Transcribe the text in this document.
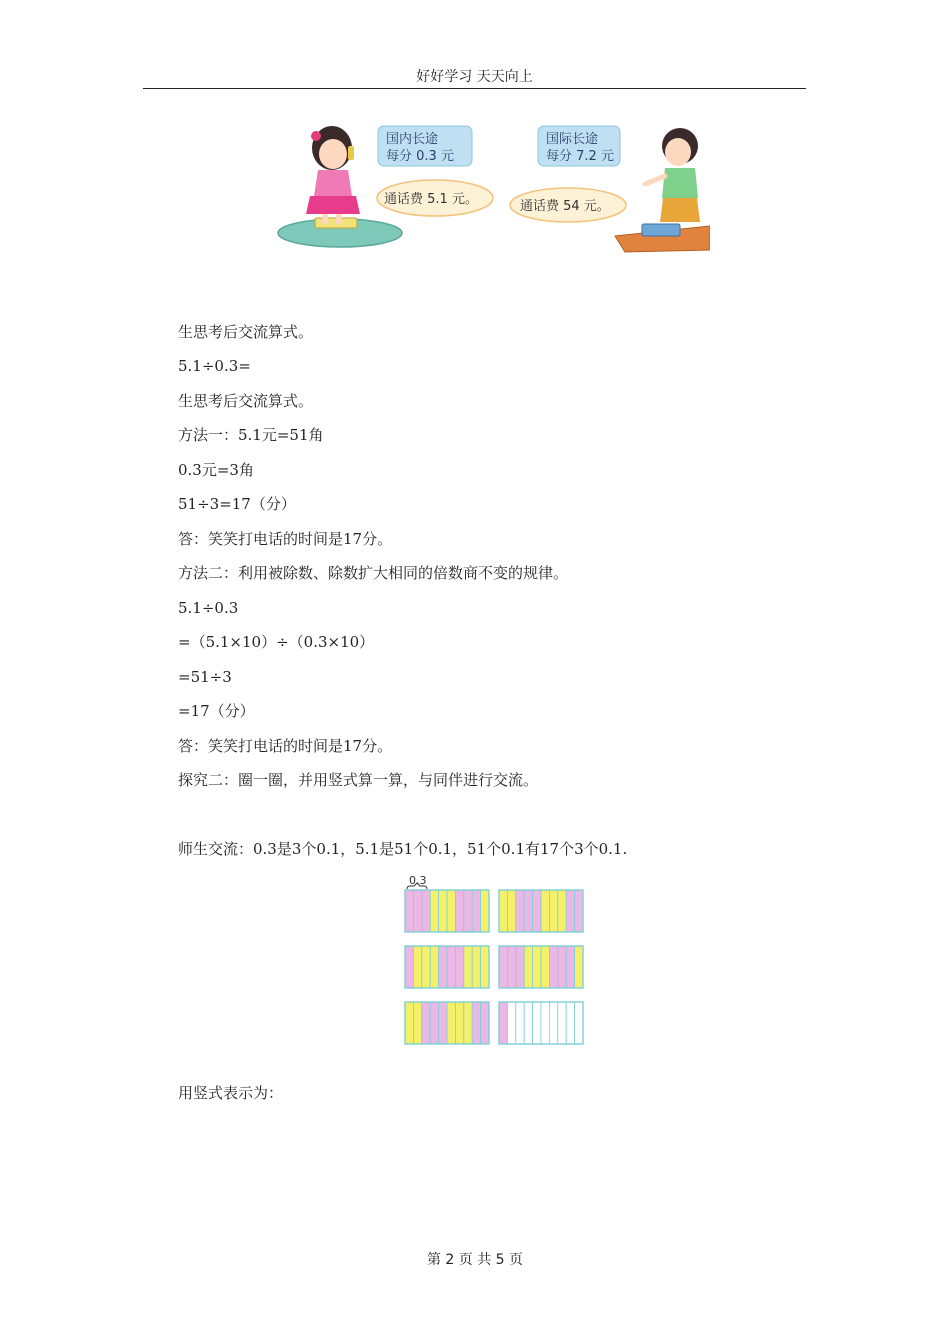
好好学习 天天向上
国内长途
每分 0.3 元
通话费 5.1 元。
国际长途
每分 7.2 元
通话费 54 元。
生思考后交流算式。
5.1÷0.3=
生思考后交流算式。
方法一：5.1元=51角
0.3元=3角
51÷3=17（分）
答：笑笑打电话的时间是17分。
方法二：利用被除数、除数扩大相同的倍数商不变的规律。
5.1÷0.3
=（5.1×10）÷（0.3×10）
=51÷3
=17（分）
答：笑笑打电话的时间是17分。
探究二：圈一圈，并用竖式算一算，与同伴进行交流。
师生交流：0.3是3个0.1，5.1是51个0.1，51个0.1有17个3个0.1.
0.3
用竖式表示为：
第 2 页 共 5 页
